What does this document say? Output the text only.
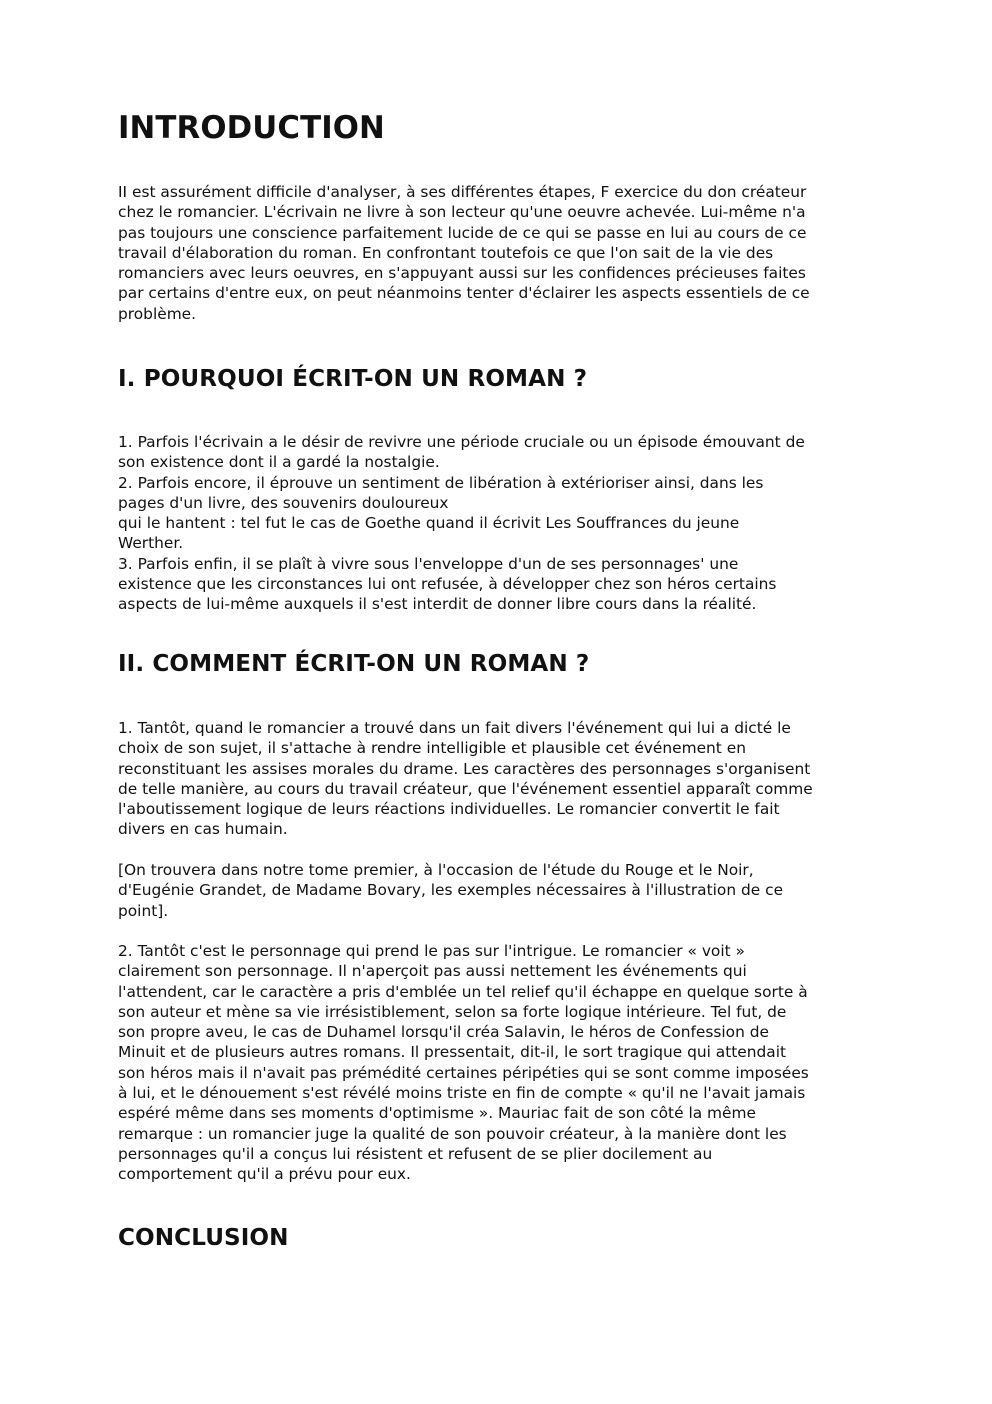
INTRODUCTION
II est assurément difficile d'analyser, à ses différentes étapes, F exercice du don créateur
chez le romancier. L'écrivain ne livre à son lecteur qu'une oeuvre achevée. Lui-même n'a
pas toujours une conscience parfaitement lucide de ce qui se passe en lui au cours de ce
travail d'élaboration du roman. En confrontant toutefois ce que l'on sait de la vie des
romanciers avec leurs oeuvres, en s'appuyant aussi sur les confidences précieuses faites
par certains d'entre eux, on peut néanmoins tenter d'éclairer les aspects essentiels de ce
problème.
I. POURQUOI ÉCRIT-ON UN ROMAN ?
1. Parfois l'écrivain a le désir de revivre une période cruciale ou un épisode émouvant de
son existence dont il a gardé la nostalgie.
2. Parfois encore, il éprouve un sentiment de libération à extérioriser ainsi, dans les
pages d'un livre, des souvenirs douloureux
qui le hantent : tel fut le cas de Goethe quand il écrivit Les Souffrances du jeune
Werther.
3. Parfois enfin, il se plaît à vivre sous l'enveloppe d'un de ses personnages' une
existence que les circonstances lui ont refusée, à développer chez son héros certains
aspects de lui-même auxquels il s'est interdit de donner libre cours dans la réalité.
II. COMMENT ÉCRIT-ON UN ROMAN ?
1. Tantôt, quand le romancier a trouvé dans un fait divers l'événement qui lui a dicté le
choix de son sujet, il s'attache à rendre intelligible et plausible cet événement en
reconstituant les assises morales du drame. Les caractères des personnages s'organisent
de telle manière, au cours du travail créateur, que l'événement essentiel apparaît comme
l'aboutissement logique de leurs réactions individuelles. Le romancier convertit le fait
divers en cas humain.
[On trouvera dans notre tome premier, à l'occasion de l'étude du Rouge et le Noir,
d'Eugénie Grandet, de Madame Bovary, les exemples nécessaires à l'illustration de ce
point].
2. Tantôt c'est le personnage qui prend le pas sur l'intrigue. Le romancier « voit »
clairement son personnage. Il n'aperçoit pas aussi nettement les événements qui
l'attendent, car le caractère a pris d'emblée un tel relief qu'il échappe en quelque sorte à
son auteur et mène sa vie irrésistiblement, selon sa forte logique intérieure. Tel fut, de
son propre aveu, le cas de Duhamel lorsqu'il créa Salavin, le héros de Confession de
Minuit et de plusieurs autres romans. Il pressentait, dit-il, le sort tragique qui attendait
son héros mais il n'avait pas prémédité certaines péripéties qui se sont comme imposées
à lui, et le dénouement s'est révélé moins triste en fin de compte « qu'il ne l'avait jamais
espéré même dans ses moments d'optimisme ». Mauriac fait de son côté la même
remarque : un romancier juge la qualité de son pouvoir créateur, à la manière dont les
personnages qu'il a conçus lui résistent et refusent de se plier docilement au
comportement qu'il a prévu pour eux.
CONCLUSION
